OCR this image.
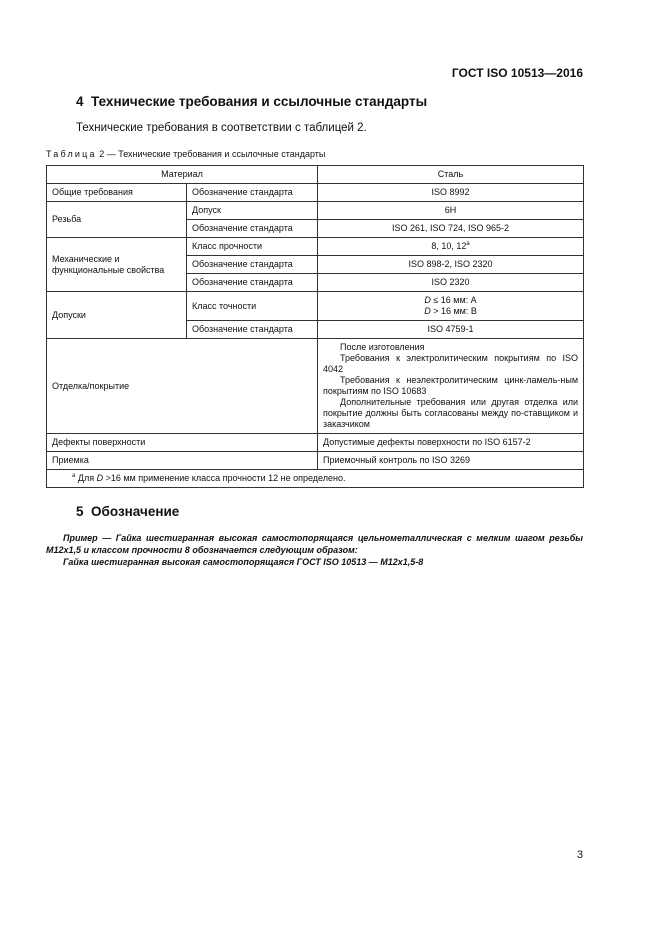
ГОСТ ISO 10513—2016
4 Технические требования и ссылочные стандарты
Технические требования в соответствии с таблицей 2.
Таблица 2 — Технические требования и ссылочные стандарты
Материал		Сталь
Общие требования	Обозначение стандарта	ISO 8992
Резьба	Допуск	6H
	Обозначение стандарта	ISO 261, ISO 724, ISO 965-2
Механические и функциональные свойства	Класс прочности	8, 10, 12$^a$
	Обозначение стандарта	ISO 898-2, ISO 2320
	Обозначение стандарта	ISO 2320
Допуски	Класс точности	D ≤ 16 мм: А
D > 16 мм: В

	Обозначение стандарта	ISO 4759-1
Отделка/покрытие		После изготовления
Требования к электролитическим покрытиям по ISO 4042
Требования к неэлектролитическим цинк-ламель-ным покрытиям по ISO 10683
Дополнительные требования или другая отделка или покрытие должны быть согласованы между по-ставщиком и заказчиком

Дефекты поверхности		Допустимые дефекты поверхности по ISO 6157-2
Приемка		Приемочный контроль по ISO 3269
$^a$ Для D >16 мм применение класса прочности 12 не определено.		
5 Обозначение

Пример — Гайка шестигранная высокая самостопорящаяся цельнометаллическая с мелким шагом резьбы M12x1,5 и классом прочности 8 обозначается следующим образом:

Гайка шестигранная высокая самостопорящаяся ГОСТ ISO 10513 — M12x1,5-8

3
